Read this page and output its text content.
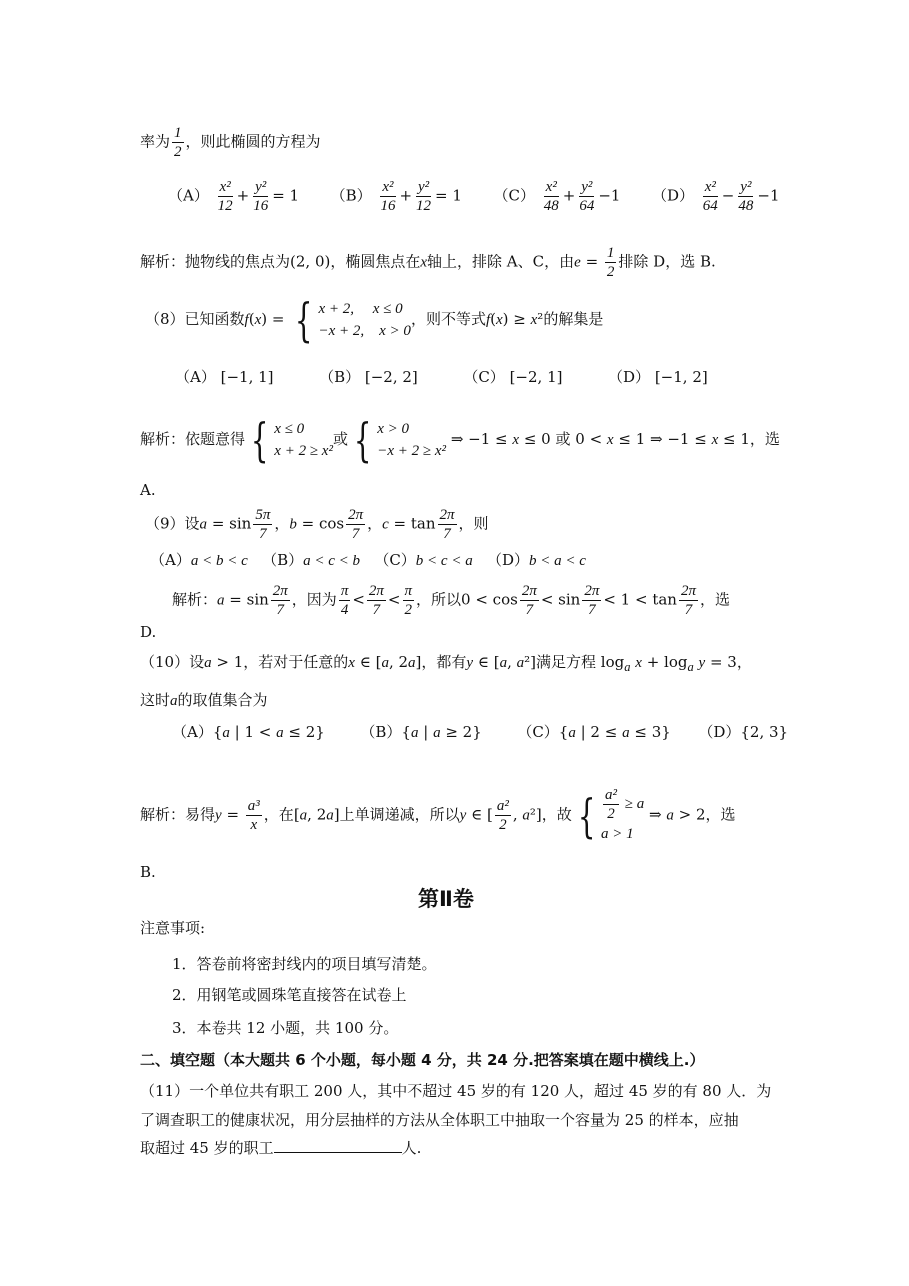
率为 $\frac{1}{2}$ ，则此椭圆的方程为
$(A) \frac{\text{x²}}{12} + \frac{\text{y²}}{16} = 1$  $(B) \frac{\text{x²}}{16} + \frac{\text{y²}}{12} = 1$  $(C) \frac{\text{x²}}{48} + \frac{\text{y²}}{64} -1$  $(D) \frac{\text{x²}}{64} - \frac{\text{y²}}{48} -1$
解析：抛物线的焦点为(2, 0)，椭圆焦点在x轴上，排除 A、C，由$e = \frac{1}{2}$ 排除 D，选 B.
（8）已知函数f(x) = { x + 2,     x ≤ 0
−x + 2,    x > 0
，则不等式f(x) ≥ x²的解集是
（A） [−1, 1]	（B） [−2, 2]	（C） [−2, 1]	（D） [−1, 2]
解析：依题意得 { x ≤ 0
x + 2 ≥ x²
或 { x > 0
−x + 2 ≥ x²
⇒ −1 ≤ x ≤ 0 或 0 < x ≤ 1 ⇒ −1 ≤ x ≤ 1，选
A.
（9）设$a = \sin \frac{5\pi}{7}$ ，$b = \cos \frac{2\pi}{7}$ ，$c = \tan \frac{2\pi}{7}$ ，则
（A）a < b < c （B）a < c < b （C）b < c < a （D）b < a < c
解析：$a = \sin \frac{2\pi}{7}$ ，因为 $\frac{\pi}{4} < \frac{2\pi}{7} < \frac{\pi}{2}$ ，所以$0 < \cos \frac{2\pi}{7} < \sin \frac{2\pi}{7} < 1 < \tan \frac{2\pi}{7}$ ，选
D.
（10）设a > 1，若对于任意的x ∈ [a, 2a]，都有y ∈ [a, a²]满足方程 $\log_a x + \log_a y = 3$，
这时a的取值集合为
（A）{a | 1 < a ≤ 2}  （B）{a | a ≥ 2}  （C）{a | 2 ≤ a ≤ 3}  （D）{2, 3}
解析：易得$y = \frac{\text{a³}}{x}$ ，在[a, 2a]上单调递减，所以y ∈ [ $\frac{\text{a²}}{2}$ , a²]，故 { $\frac{\text{a²}}{2} \ge a$
a > 1
⇒ a > 2，选
B.
第Ⅱ卷
注意事项:
1．答卷前将密封线内的项目填写清楚。
2．用钢笔或圆珠笔直接答在试卷上
3．本卷共 12 小题，共 100 分。
二、填空题（本大题共 6 个小题，每小题 4 分，共 24 分.把答案填在题中横线上.）
（11）一个单位共有职工 200 人，其中不超过 45 岁的有 120 人，超过 45 岁的有 80 人．为
了调查职工的健康状况，用分层抽样的方法从全体职工中抽取一个容量为 25 的样本，应抽
取超过 45 岁的职工	人.
